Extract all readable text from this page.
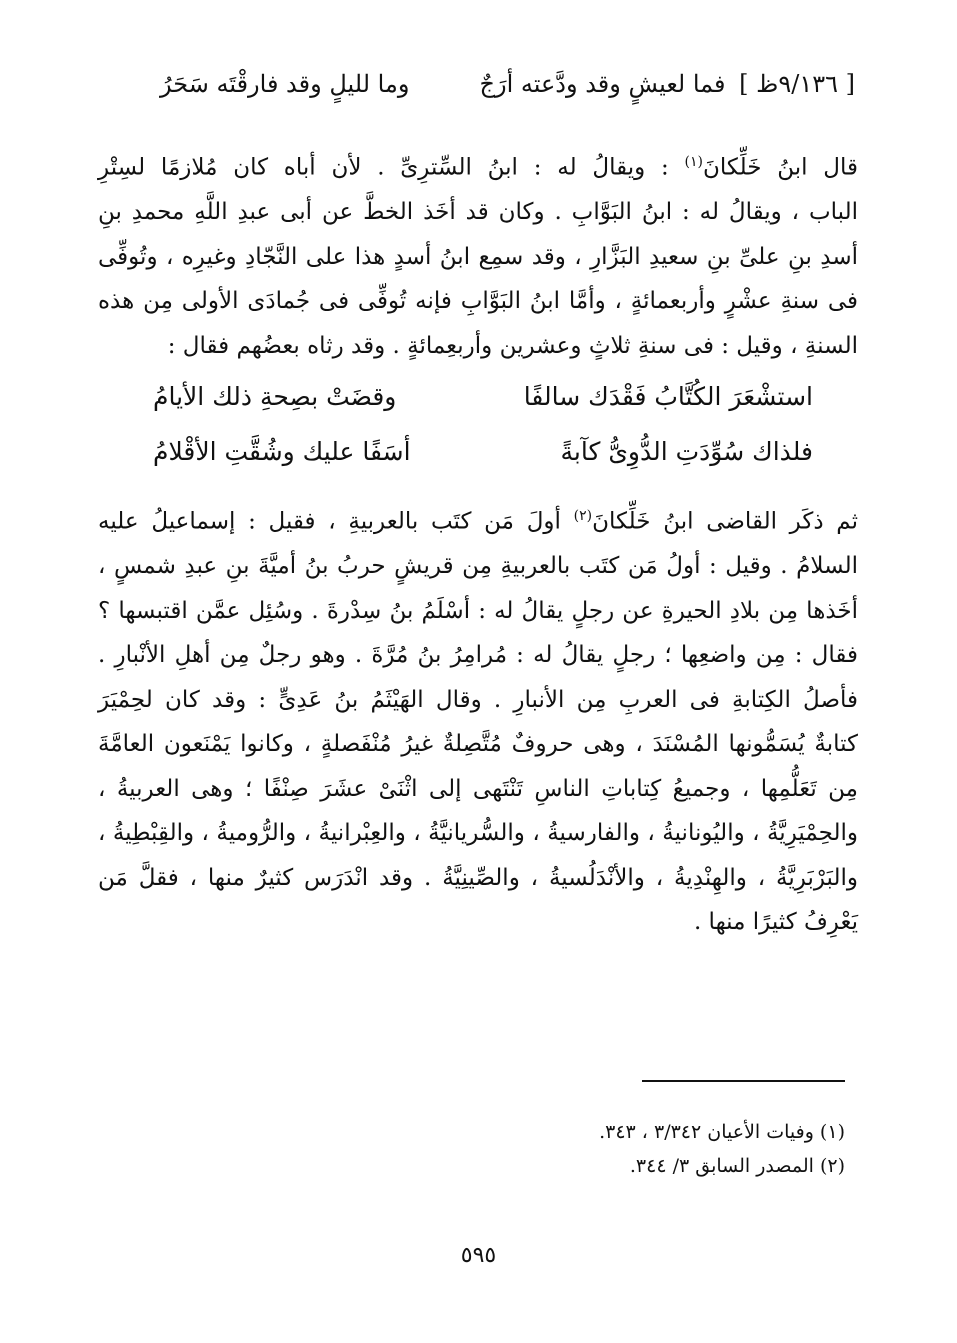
[ ٩/١٣٦ظ ] فما لعيشٍ وقد ودَّعته أرَجٌ
وما لليلٍ وقد فارقْتَه سَحَرُ
قال ابنُ خَلِّكانَ$^{(١)}$ : ويقالُ له : ابنُ السِّترِىِّ . لأن أباه كان مُلازمًا لسِتْرِ
الباب ، ويقالُ له : ابنُ البَوَّابِ . وكان قد أخَذ الخطَّ عن أبى عبدِ اللَّهِ محمدِ بنِ
أسدِ بنِ علىِّ بنِ سعيدِ البَزَّارِ ، وقد سمِع ابنُ أسدٍ هذا على النَّجّادِ وغيرِه ، وتُوفِّى
فى سنةِ عشْرٍ وأربعمائةٍ ، وأمَّا ابنُ البَوَّابِ فإنه تُوفِّى فى جُمادَى الأولى مِن هذه
السنةِ ، وقيل : فى سنةِ ثلاثٍ وعشرين وأربعِمائةٍ . وقد رثاه بعضُهم فقال :
استشْعَرَ الكُتَّابُ فَقْدَك سالفًا
وقضَتْ بصِحةِ ذلك الأيامُ
فلذاك سُوِّدَتِ الدُّوِىُّ كآبةً
أسَفًا عليك وشُقَّتِ الأقْلامُ
ثم ذكَر القاضى ابنُ خَلِّكانَ$^{(٢)}$ أولَ مَن كتَب بالعربيةِ ، فقيل : إسماعيلُ عليه
السلامُ . وقيل : أولُ مَن كتَب بالعربيةِ مِن قريشٍ حربُ بنُ أميَّةَ بنِ عبدِ شمسٍ ،
أخَذها مِن بلادِ الحيرةِ عن رجلٍ يقالُ له : أسْلَمُ بنُ سِدْرةَ . وسُئِل عمَّن اقتبسها ؟
فقال : مِن واضعِها ؛ رجلٍ يقالُ له : مُرامِرُ بنُ مُرَّةَ . وهو رجلٌ مِن أهلِ الأنْبارِ .
فأصلُ الكِتابةِ فى العربِ مِن الأنبارِ . وقال الهَيْثَمُ بنُ عَدِىٍّ : وقد كان لحِمْيَرَ
كتابةٌ يُسَمُّونها المُسْنَدَ ، وهى حروفٌ مُتَّصِلةٌ غيرُ مُنْفَصلةٍ ، وكانوا يَمْنَعون العامَّةَ
مِن تَعَلُّمِها ، وجميعُ كِتاباتِ الناسِ تَنْتَهى إلى اثْنَىْ عشَرَ صِنْفًا ؛ وهى العربيةُ ،
والحِمْيَرِيَّةُ ، واليُونانيةُ ، والفارسيةُ ، والسُّريانيَّةُ ، والعِبْرانيةُ ، والرُّوميةُ ، والقِبْطِيةُ ،
والبَرْبَرِيَّةُ ، والهِنْدِيةُ ، والأنْدَلُسيةُ ، والصِّينِيَّةُ . وقد انْدَرَس كثيرٌ منها ، فقلَّ مَن
يَعْرِفُ كثيرًا منها .
(١) وفيات الأعيان ٣/٣٤٢ ، ٣٤٣.
(٢) المصدر السابق ٣/ ٣٤٤.
٥٩٥
